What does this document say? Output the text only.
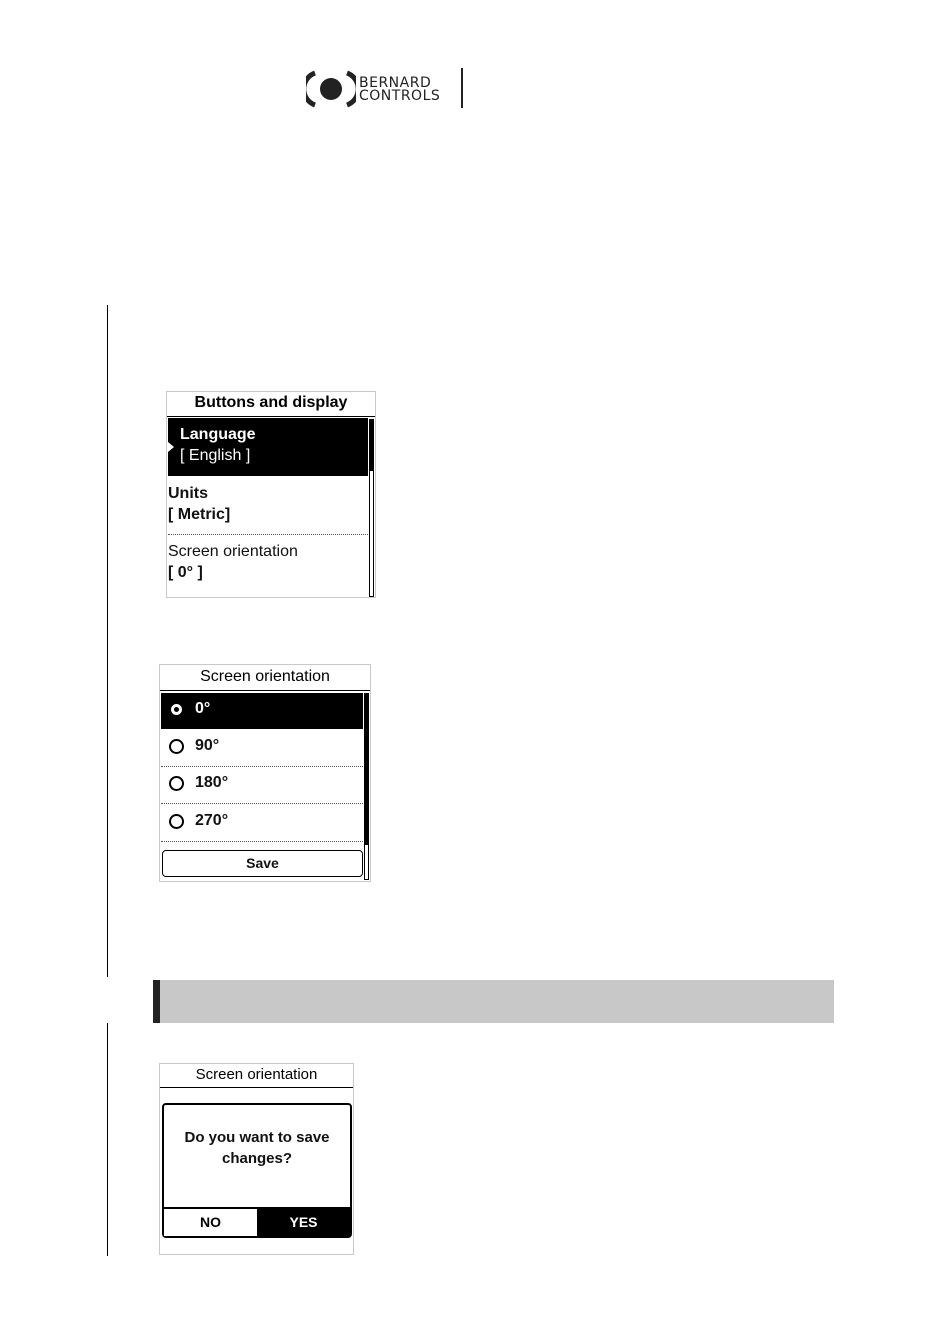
BERNARD
CONTROLS
Buttons and display
Language
[ English ]
Units
[ Metric]
Screen orientation
[ 0° ]
Screen orientation
0°
90°
180°
270°
Save
Screen orientation
Do you want to save
changes?
NO	YES
